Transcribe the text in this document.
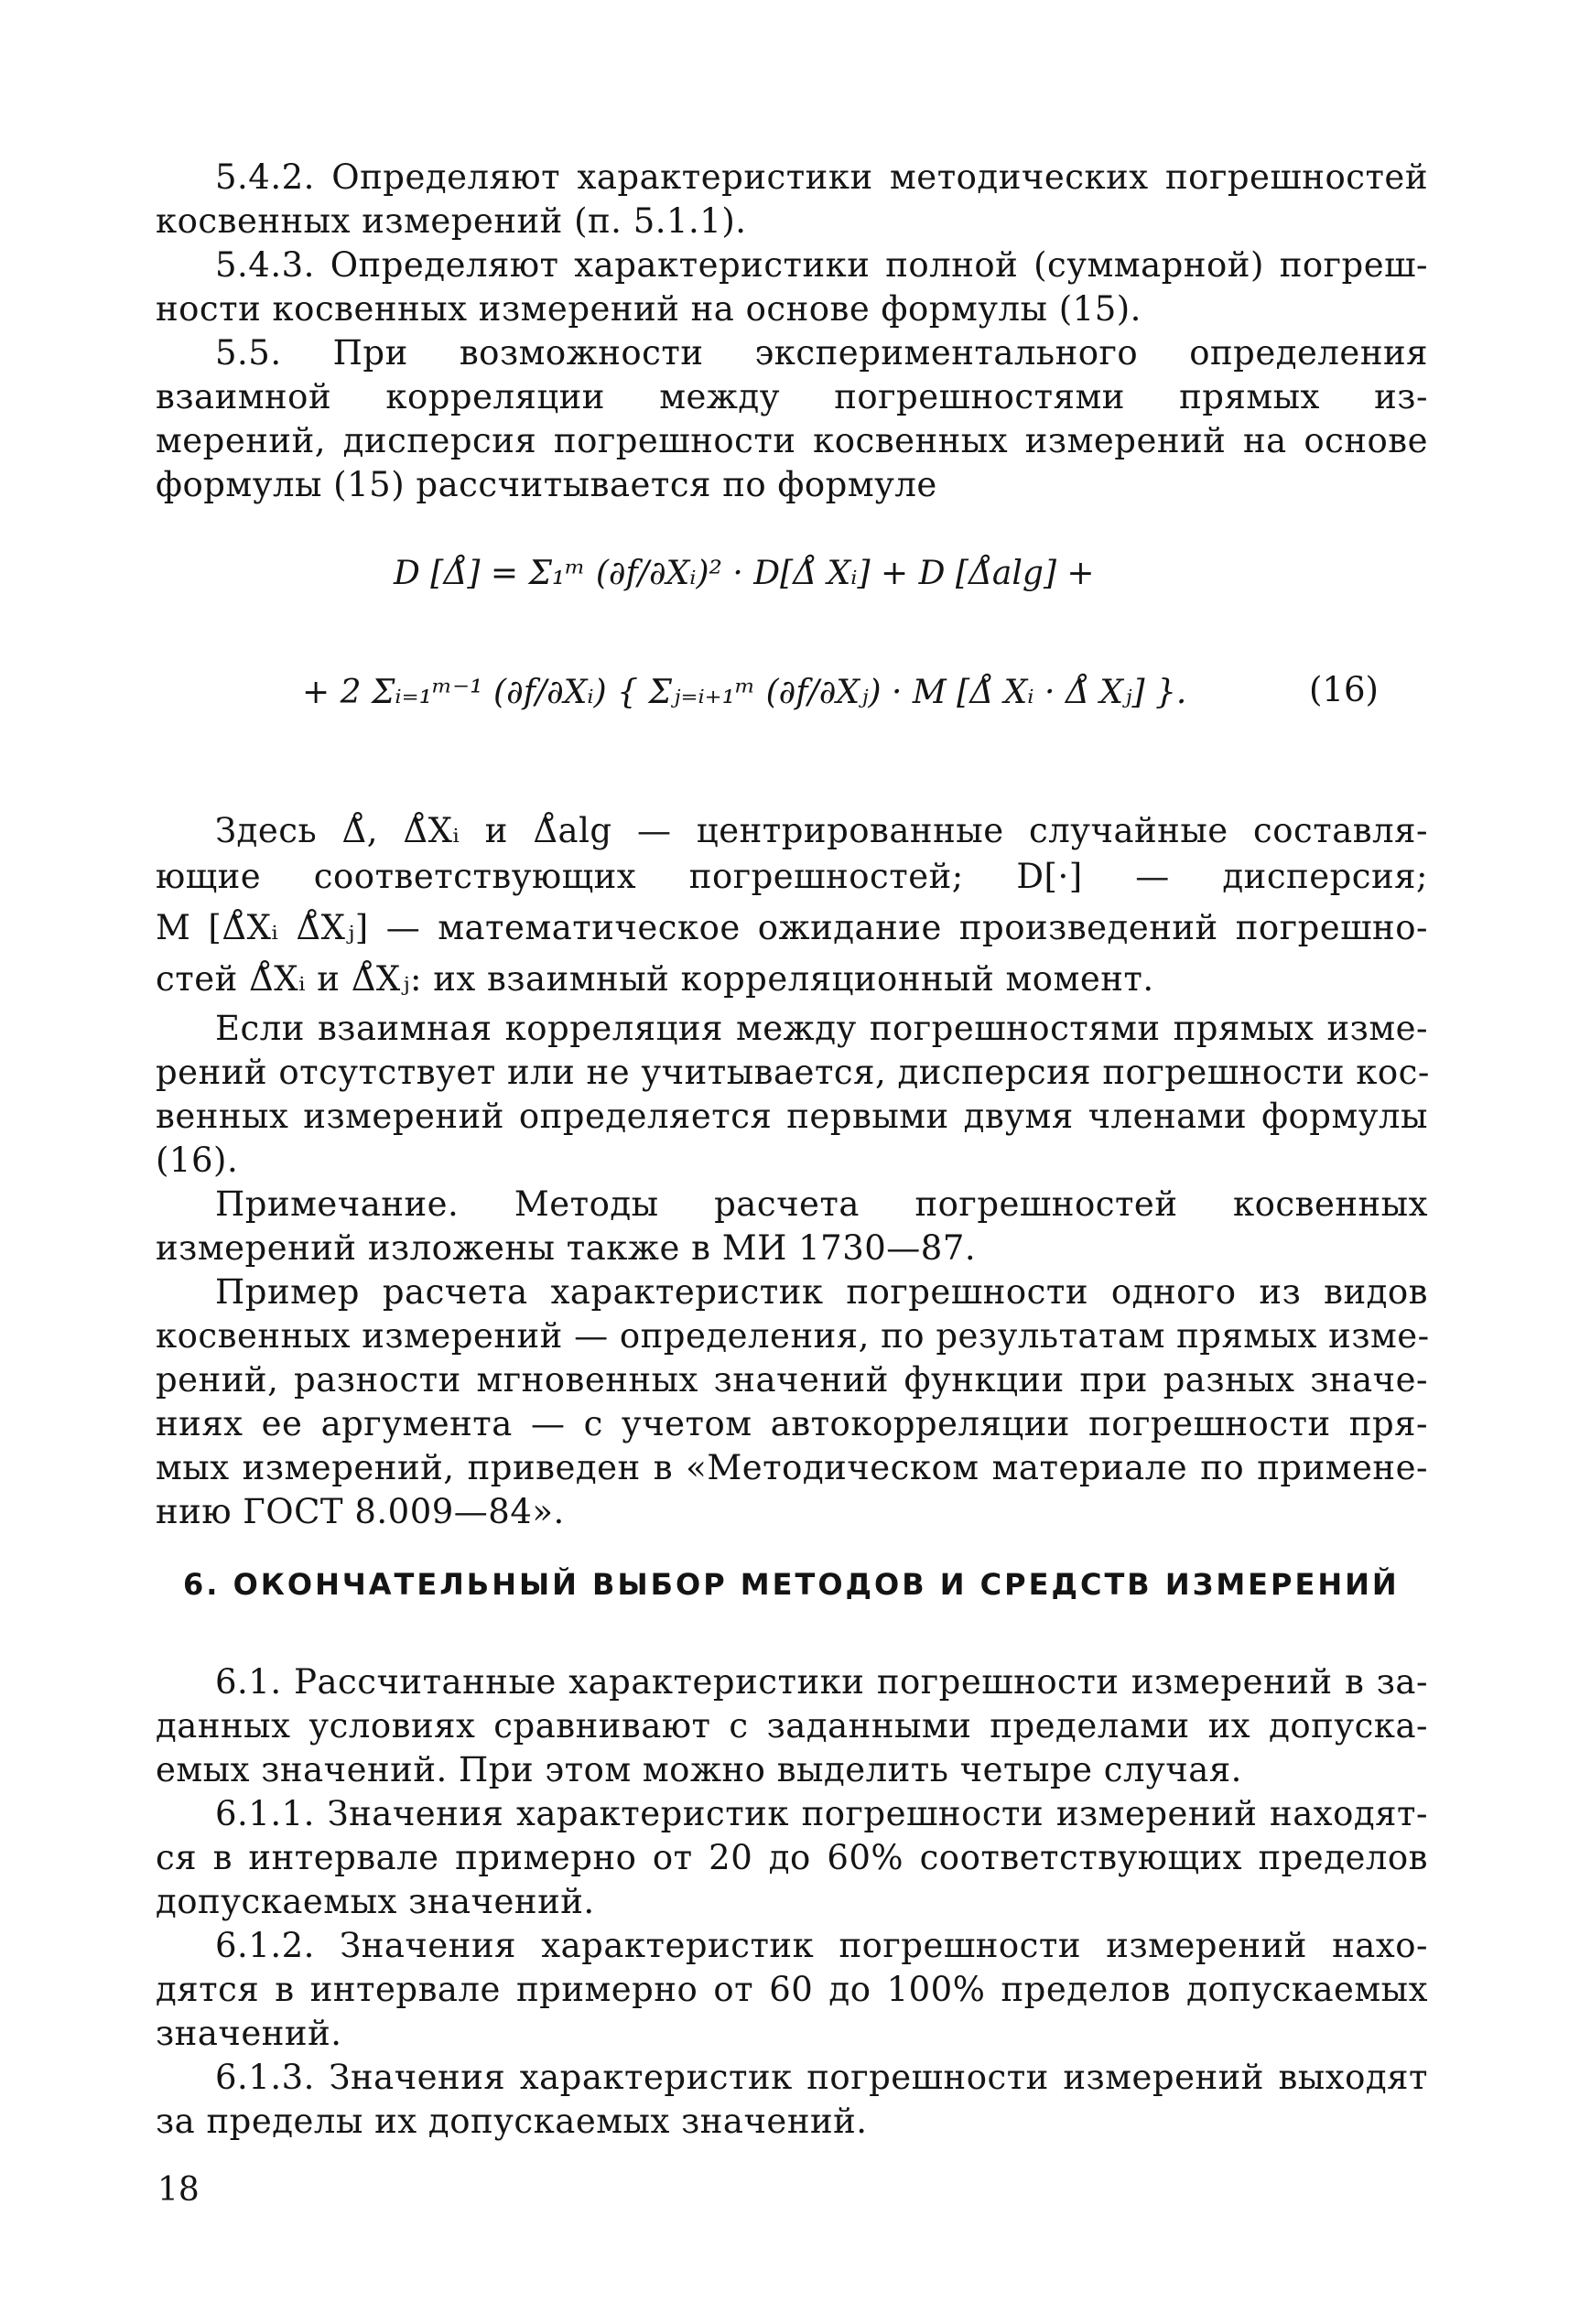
5.4.2. Определяют характеристики методических погрешностей

косвенных измерений (п. 5.1.1).

5.4.3. Определяют характеристики полной (суммарной) погреш-

ности косвенных измерений на основе формулы (15).

5.5. При возможности экспериментального определения

взаимной корреляции между погрешностями прямых из-

мерений, дисперсия погрешности косвенных измерений на основе

формулы (15) рассчитывается по формуле

D [Δ̊] = Σ₁ᵐ (∂f/∂Xᵢ)² · D[Δ̊ Xᵢ] + D [Δ̊alg] +
+ 2 Σᵢ₌₁ᵐ⁻¹ (∂f/∂Xᵢ) { Σⱼ₌ᵢ₊₁ᵐ (∂f/∂Xⱼ) · M [Δ̊ Xᵢ · Δ̊ Xⱼ] }.	(16)

Здесь Δ̊, Δ̊Xᵢ и Δ̊alg — центрированные случайные составля-

ющие соответствующих погрешностей; D[·] — дисперсия;

M [Δ̊Xᵢ Δ̊Xⱼ] — математическое ожидание произведений погрешно-

стей Δ̊Xᵢ и Δ̊Xⱼ: их взаимный корреляционный момент.

Если взаимная корреляция между погрешностями прямых изме-

рений отсутствует или не учитывается, дисперсия погрешности кос-

венных измерений определяется первыми двумя членами формулы

(16).

Примечание. Методы расчета погрешностей косвенных

измерений изложены также в МИ 1730—87.

Пример расчета характеристик погрешности одного из видов

косвенных измерений — определения, по результатам прямых изме-

рений, разности мгновенных значений функции при разных значе-

ниях ее аргумента — с учетом автокорреляции погрешности пря-

мых измерений, приведен в «Методическом материале по примене-

нию ГОСТ 8.009—84».

6. ОКОНЧАТЕЛЬНЫЙ ВЫБОР МЕТОДОВ И СРЕДСТВ ИЗМЕРЕНИЙ

6.1. Рассчитанные характеристики погрешности измерений в за-

данных условиях сравнивают с заданными пределами их допуска-

емых значений. При этом можно выделить четыре случая.

6.1.1. Значения характеристик погрешности измерений находят-

ся в интервале примерно от 20 до 60% соответствующих пределов

допускаемых значений.

6.1.2. Значения характеристик погрешности измерений нахо-

дятся в интервале примерно от 60 до 100% пределов допускаемых

значений.

6.1.3. Значения характеристик погрешности измерений выходят

за пределы их допускаемых значений.

18
